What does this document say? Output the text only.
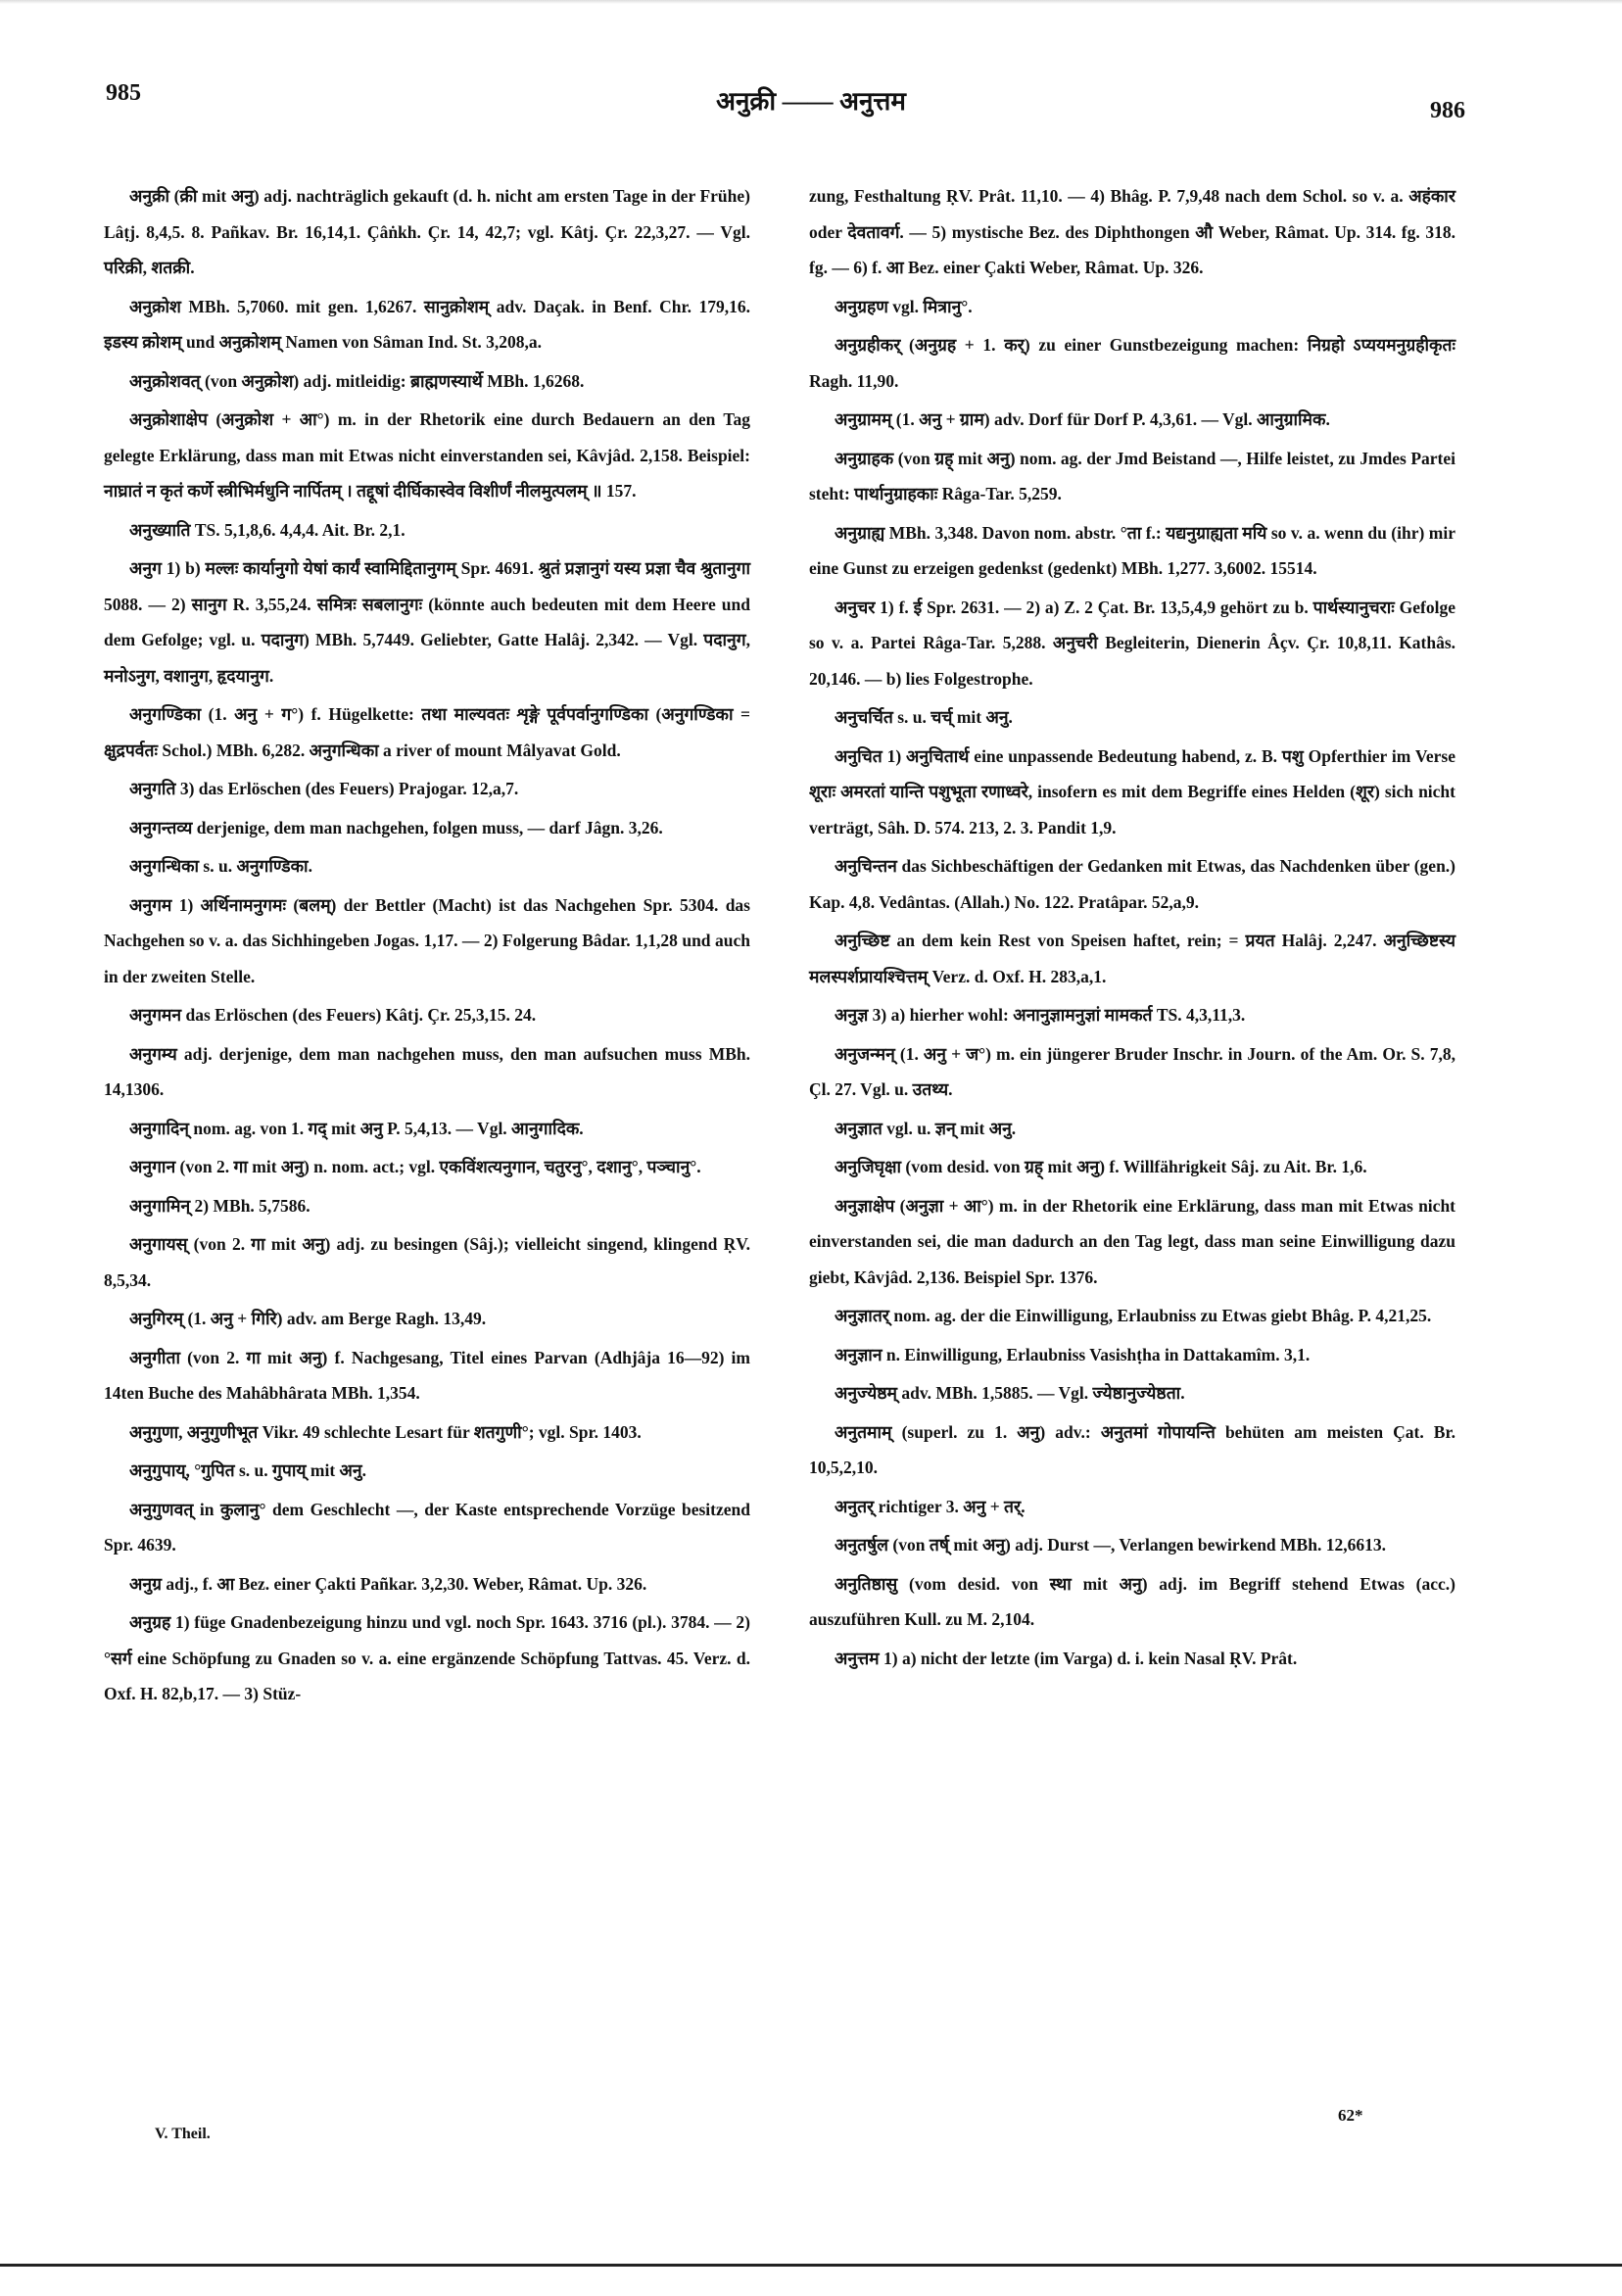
985	अनुक्री —— अनुत्तम	986

अनुक्री (क्री mit अनु) adj. nachträglich gekauft (d. h. nicht am ersten Tage in der Frühe) Lâṭj. 8,4,5. 8. Pañkav. Br. 16,14,1. Çâṅkh. Çr. 14, 42,7; vgl. Kâtj. Çr. 22,3,27. — Vgl. परिक्री, शतक्री.

अनुक्रोश MBh. 5,7060. mit gen. 1,6267. सानुक्रोशम् adv. Daçak. in Benf. Chr. 179,16. इडस्य क्रोशम् und अनुक्रोशम् Namen von Sâman Ind. St. 3,208,a.

अनुक्रोशवत् (von अनुक्रोश) adj. mitleidig: ब्राह्मणस्यार्थे MBh. 1,6268.

अनुक्रोशाक्षेप (अनुक्रोश + आ°) m. in der Rhetorik eine durch Bedauern an den Tag gelegte Erklärung, dass man mit Etwas nicht einverstanden sei, Kâvjâd. 2,158. Beispiel: नाघ्रातं न कृतं कर्णे स्त्रीभिर्मधुनि नार्पितम् । तद्दूषां दीर्घिकास्वेव विशीर्णं नीलमुत्पलम् ॥ 157.

अनुख्याति TS. 5,1,8,6. 4,4,4. Ait. Br. 2,1.

अनुग 1) b) मल्लः कार्यानुगो येषां कार्यं स्वामिद्दितानुगम् Spr. 4691. श्रुतं प्रज्ञानुगं यस्य प्रज्ञा चैव श्रुतानुगा 5088. — 2) सानुग R. 3,55,24. समित्रः सबलानुगः (könnte auch bedeuten mit dem Heere und dem Gefolge; vgl. u. पदानुग) MBh. 5,7449. Geliebter, Gatte Halâj. 2,342. — Vgl. पदानुग, मनोऽनुग, वशानुग, हृदयानुग.

अनुगण्डिका (1. अनु + ग°) f. Hügelkette: तथा माल्यवतः शृङ्गे पूर्वपर्वानुगण्डिका (अनुगण्डिका = क्षुद्रपर्वतः Schol.) MBh. 6,282. अनुगन्धिका a river of mount Mâlyavat Gold.

अनुगति 3) das Erlöschen (des Feuers) Prajogar. 12,a,7.

अनुगन्तव्य derjenige, dem man nachgehen, folgen muss, — darf Jâgn. 3,26.

अनुगन्धिका s. u. अनुगण्डिका.

अनुगम 1) अर्थिनामनुगमः (बलम्) der Bettler (Macht) ist das Nachgehen Spr. 5304. das Nachgehen so v. a. das Sichhingeben Jogas. 1,17. — 2) Folgerung Bâdar. 1,1,28 und auch in der zweiten Stelle.

अनुगमन das Erlöschen (des Feuers) Kâtj. Çr. 25,3,15. 24.

अनुगम्य adj. derjenige, dem man nachgehen muss, den man aufsuchen muss MBh. 14,1306.

अनुगादिन् nom. ag. von 1. गद् mit अनु P. 5,4,13. — Vgl. आनुगादिक.

अनुगान (von 2. गा mit अनु) n. nom. act.; vgl. एकविंशत्यनुगान, चतुरनु°, दशानु°, पञ्चानु°.

अनुगामिन् 2) MBh. 5,7586.

अनुगायस् (von 2. गा mit अनु) adj. zu besingen (Sâj.); vielleicht singend, klingend ṚV. 8,5,34.

अनुगिरम् (1. अनु + गिरि) adv. am Berge Ragh. 13,49.

अनुगीता (von 2. गा mit अनु) f. Nachgesang, Titel eines Parvan (Adhjâja 16—92) im 14ten Buche des Mahâbhârata MBh. 1,354.

अनुगुणा, अनुगुणीभूत Vikr. 49 schlechte Lesart für शतगुणी°; vgl. Spr. 1403.

अनुगुपाय्, °गुपित s. u. गुपाय् mit अनु.

अनुगुणवत् in कुलानु° dem Geschlecht —, der Kaste entsprechende Vorzüge besitzend Spr. 4639.

अनुग्र adj., f. आ Bez. einer Çakti Pañkar. 3,2,30. Weber, Râmat. Up. 326.

अनुग्रह 1) füge Gnadenbezeigung hinzu und vgl. noch Spr. 1643. 3716 (pl.). 3784. — 2) °सर्ग eine Schöpfung zu Gnaden so v. a. eine ergänzende Schöpfung Tattvas. 45. Verz. d. Oxf. H. 82,b,17. — 3) Stüz-

zung, Festhaltung ṚV. Prât. 11,10. — 4) Bhâg. P. 7,9,48 nach dem Schol. so v. a. अहंकार oder देवतावर्ग. — 5) mystische Bez. des Diphthongen औ Weber, Râmat. Up. 314. fg. 318. fg. — 6) f. आ Bez. einer Çakti Weber, Râmat. Up. 326.

अनुग्रहण vgl. मित्रानु°.

अनुग्रहीकर् (अनुग्रह + 1. कर्) zu einer Gunstbezeigung machen: निग्रहो ऽप्ययमनुग्रहीकृतः Ragh. 11,90.

अनुग्रामम् (1. अनु + ग्राम) adv. Dorf für Dorf P. 4,3,61. — Vgl. आनुग्रामिक.

अनुग्राहक (von ग्रह् mit अनु) nom. ag. der Jmd Beistand —, Hilfe leistet, zu Jmdes Partei steht: पार्थानुग्राहकाः Râga-Tar. 5,259.

अनुग्राह्य MBh. 3,348. Davon nom. abstr. °ता f.: यद्यनुग्राह्यता मयि so v. a. wenn du (ihr) mir eine Gunst zu erzeigen gedenkst (gedenkt) MBh. 1,277. 3,6002. 15514.

अनुचर 1) f. ई Spr. 2631. — 2) a) Z. 2 Çat. Br. 13,5,4,9 gehört zu b. पार्थस्यानुचराः Gefolge so v. a. Partei Râga-Tar. 5,288. अनुचरी Begleiterin, Dienerin Âçv. Çr. 10,8,11. Kathâs. 20,146. — b) lies Folgestrophe.

अनुचर्चित s. u. चर्च् mit अनु.

अनुचित 1) अनुचितार्थ eine unpassende Bedeutung habend, z. B. पशु Opferthier im Verse शूराः अमरतां यान्ति पशुभूता रणाध्वरे, insofern es mit dem Begriffe eines Helden (शूर) sich nicht verträgt, Sâh. D. 574. 213, 2. 3. Pandit 1,9.

अनुचिन्तन das Sichbeschäftigen der Gedanken mit Etwas, das Nachdenken über (gen.) Kap. 4,8. Vedântas. (Allah.) No. 122. Pratâpar. 52,a,9.

अनुच्छिष्ट an dem kein Rest von Speisen haftet, rein; = प्रयत Halâj. 2,247. अनुच्छिष्टस्य मलस्पर्शप्रायश्चित्तम् Verz. d. Oxf. H. 283,a,1.

अनुज्ञ 3) a) hierher wohl: अनानुज्ञामनुज्ञां मामकर्त TS. 4,3,11,3.

अनुजन्मन् (1. अनु + ज°) m. ein jüngerer Bruder Inschr. in Journ. of the Am. Or. S. 7,8, Çl. 27. Vgl. u. उतथ्य.

अनुज्ञात vgl. u. ज्ञन् mit अनु.

अनुजिघृक्षा (vom desid. von ग्रह् mit अनु) f. Willfährigkeit Sâj. zu Ait. Br. 1,6.

अनुज्ञाक्षेप (अनुज्ञा + आ°) m. in der Rhetorik eine Erklärung, dass man mit Etwas nicht einverstanden sei, die man dadurch an den Tag legt, dass man seine Einwilligung dazu giebt, Kâvjâd. 2,136. Beispiel Spr. 1376.

अनुज्ञातर् nom. ag. der die Einwilligung, Erlaubniss zu Etwas giebt Bhâg. P. 4,21,25.

अनुज्ञान n. Einwilligung, Erlaubniss Vasishṭha in Dattakamîm. 3,1.

अनुज्येष्ठम् adv. MBh. 1,5885. — Vgl. ज्येष्ठानुज्येष्ठता.

अनुतमाम् (superl. zu 1. अनु) adv.: अनुतमां गोपायन्ति behüten am meisten Çat. Br. 10,5,2,10.

अनुतर् richtiger 3. अनु + तर्.

अनुतर्षुल (von तर्ष् mit अनु) adj. Durst —, Verlangen bewirkend MBh. 12,6613.

अनुतिष्ठासु (vom desid. von स्था mit अनु) adj. im Begriff stehend Etwas (acc.) auszuführen Kull. zu M. 2,104.

अनुत्तम 1) a) nicht der letzte (im Varga) d. i. kein Nasal ṚV. Prât.

V. Theil.
62*
